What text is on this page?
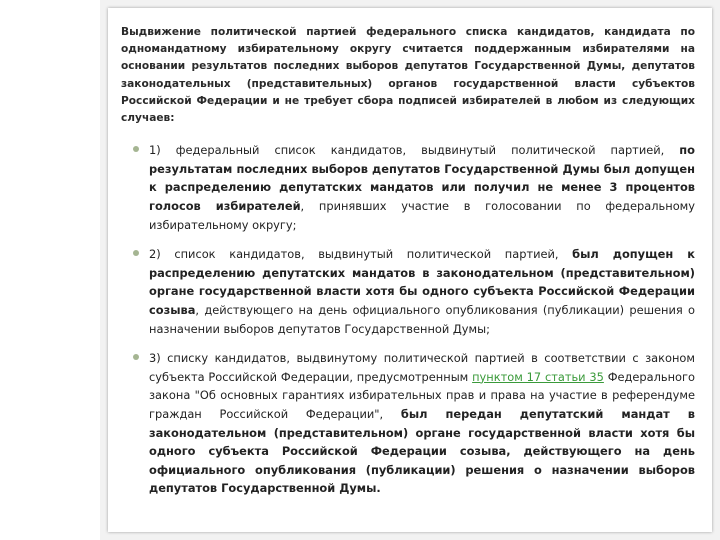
Выдвижение политической партией федерального списка кандидатов, кандидата по одномандатному избирательному округу считается поддержанным избирателями на основании результатов последних выборов депутатов Государственной Думы, депутатов законодательных (представительных) органов государственной власти субъектов Российской Федерации и не требует сбора подписей избирателей в любом из следующих случаев:

1) федеральный список кандидатов, выдвинутый политической партией, по результатам последних выборов депутатов Государственной Думы был допущен к распределению депутатских мандатов или получил не менее 3 процентов голосов избирателей, принявших участие в голосовании по федеральному избирательному округу;

2) список кандидатов, выдвинутый политической партией, был допущен к распределению депутатских мандатов в законодательном (представительном) органе государственной власти хотя бы одного субъекта Российской Федерации созыва, действующего на день официального опубликования (публикации) решения о назначении выборов депутатов Государственной Думы;

3) списку кандидатов, выдвинутому политической партией в соответствии с законом субъекта Российской Федерации, предусмотренным пунктом 17 статьи 35 Федерального закона "Об основных гарантиях избирательных прав и права на участие в референдуме граждан Российской Федерации", был передан депутатский мандат в законодательном (представительном) органе государственной власти хотя бы одного субъекта Российской Федерации созыва, действующего на день официального опубликования (публикации) решения о назначении выборов депутатов Государственной Думы.
